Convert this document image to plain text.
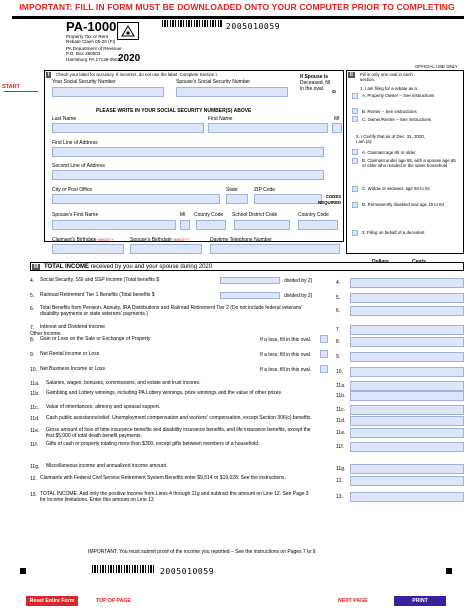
IMPORTANT: FILL IN FORM MUST BE DOWNLOADED ONTO YOUR COMPUTER PRIOR TO COMPLETING
PA-1000
Property Tax or Rent
Rebate Claim 05-20 (FI)
PA Department of Revenue
P.O. Box 280503
Harrisburg PA 17128-0503
2020
2005010059
OFFICIAL USE ONLY
START
I	Check your label for accuracy. If incorrect, do not use the label. Complete Section I.
Your Social Security Number	Spouse's Social Security Number
If Spouse is
Deceased, fill
in the oval.
PLEASE WRITE IN YOUR SOCIAL SECURITY NUMBER(S) ABOVE
Last Name	First Name	MI
First Line of Address
Second Line of Address
City or Post Office	State	ZIP Code
CODES
REQUIRED
Spouse's First Name	MI County Code School District Code	Country Code
Claimant's Birthdate MMDDYY	Spouse's Birthdate MMDDYY	Daytime Telephone Number
II	Fill in only one oval in each
section.
1. I am filing for a rebate as a:
A. Property Owner – See instructions
B. Renter – See instructions
C. Owner/Renter – See instructions
2. I Certify that as of Dec. 31, 2020,
I am (a):
A. Claimant age 65 or older
B. Claimant under age 65, with a spouse age 65 or older who resided in the same household
C. Widow or widower, age 50 to 64
D. Permanently disabled and age 18 to 64
3. Filing on behalf of a decedent
III TOTAL INCOME received by you and your spouse during 2020
Dollars	Cents
4. Social Security, SSI and SSP Income (Total benefits $	divided by 2)	4.
5. Railroad Retirement Tier 1 Benefits (Total benefits $	divided by 2)	5.
6. Total Benefits from Pension, Annuity, IRA Distributions and Railroad Retirement Tier 2 (Do not include federal veterans' disability payments or state veterans' payments.)	6.
7. Interest and Dividend Income	7.
8. Gain or Loss on the Sale or Exchange of Property	If a loss, fill in this oval.	8.
9. Net Rental Income or Loss	If a loss, fill in this oval.	9.
10. Net Business Income or Loss	If a loss, fill in this oval.	10.
11a. Salaries, wages, bonuses, commissions, and estate and trust income.	11a.
11b. Gambling and Lottery winnings, including PA Lottery winnings, prize winnings and the value of other prizes	11b.
11c. Value of inheritances, alimony and spousal support.	11c.
11d. Cash public assistance/relief. Unemployment compensation and workers' compensation, except Section 306(c) benefits.	11d.
11e. Gross amount of loss of time insurance benefits and disability insurance benefits, and life insurance benefits, except the first $5,000 of total death benefit payments.	11e.
11f. Gifts of cash or property totaling more than $300, except gifts between members of a household.	11f.
11g. Miscellaneous income and annualized income amount.	11g.
12. Claimants with Federal Civil Service Retirement System Benefits enter $9,514 or $19,028. See the instructions.	12.
13. TOTAL INCOME. Add only the positive income from Lines 4 through 11g and subtract the amount on Line 12. See Page 3 for income limitations. Enter this amount on Line 13	13.
Other Income.
IMPORTANT: You must submit proof of the income you reported – See the instructions on Pages 7 to 9.
2005010059
Reset Entire Form	TOP OF PAGE	NEXT PAGE	PRINT
